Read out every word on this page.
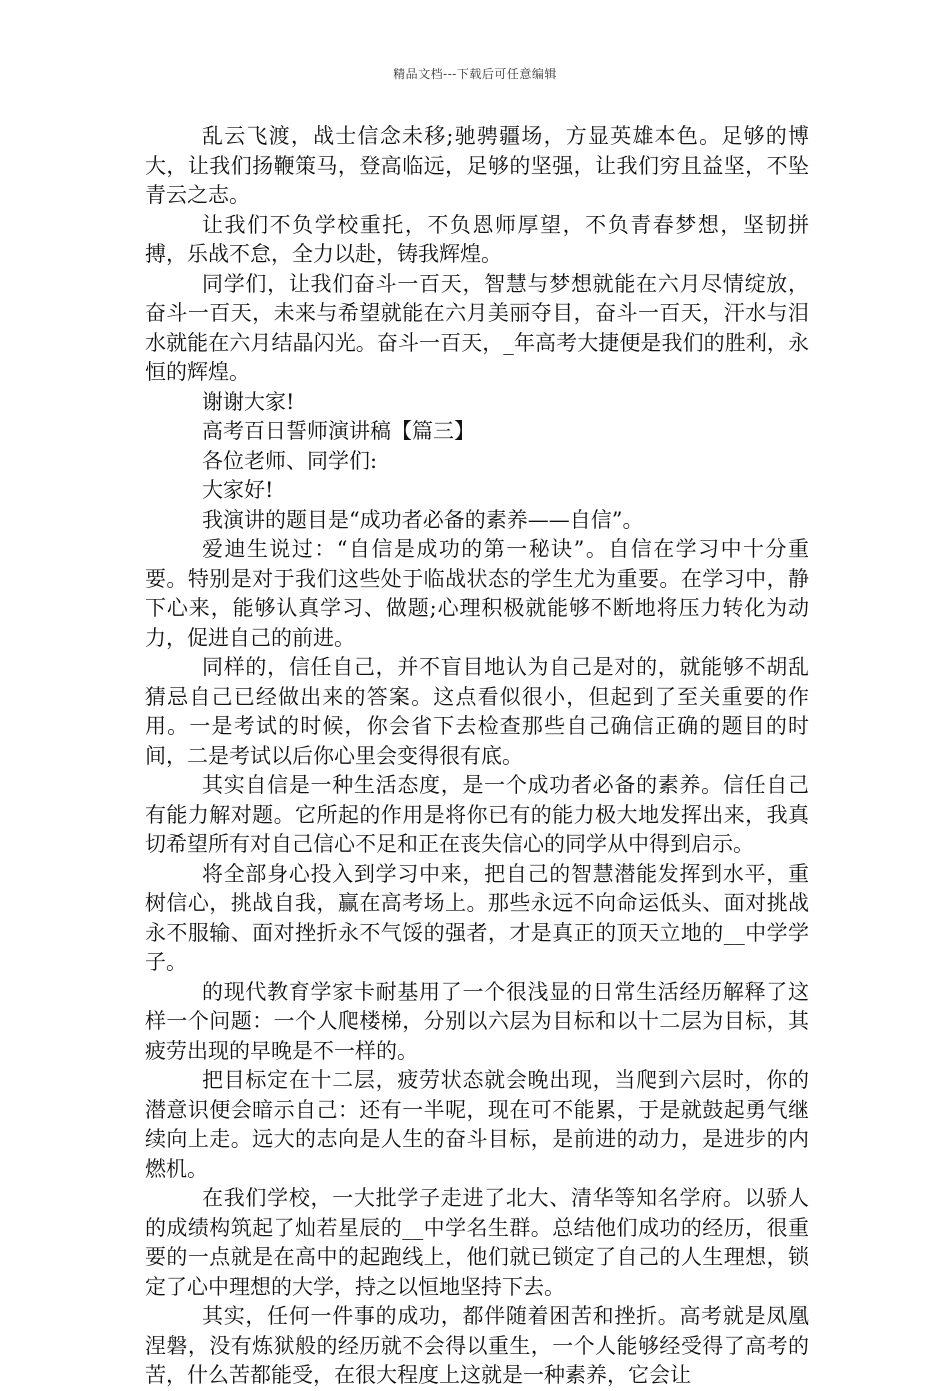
精品文档---下载后可任意编辑

乱云飞渡，战士信念未移;驰骋疆场，方显英雄本色。足够的博大，让我们扬鞭策马，登高临远，足够的坚强，让我们穷且益坚，不坠青云之志。

让我们不负学校重托，不负恩师厚望，不负青春梦想，坚韧拼搏，乐战不怠，全力以赴，铸我辉煌。

同学们，让我们奋斗一百天，智慧与梦想就能在六月尽情绽放，奋斗一百天，未来与希望就能在六月美丽夺目，奋斗一百天，汗水与泪水就能在六月结晶闪光。奋斗一百天，_年高考大捷便是我们的胜利，永恒的辉煌。

谢谢大家!

高考百日誓师演讲稿【篇三】

各位老师、同学们:

大家好!

我演讲的题目是“成功者必备的素养——自信”。

爱迪生说过：“自信是成功的第一秘诀”。自信在学习中十分重要。特别是对于我们这些处于临战状态的学生尤为重要。在学习中，静下心来，能够认真学习、做题;心理积极就能够不断地将压力转化为动力，促进自己的前进。

同样的，信任自己，并不盲目地认为自己是对的，就能够不胡乱猜忌自己已经做出来的答案。这点看似很小，但起到了至关重要的作用。一是考试的时候，你会省下去检查那些自己确信正确的题目的时间，二是考试以后你心里会变得很有底。

其实自信是一种生活态度，是一个成功者必备的素养。信任自己有能力解对题。它所起的作用是将你已有的能力极大地发挥出来，我真切希望所有对自己信心不足和正在丧失信心的同学从中得到启示。

将全部身心投入到学习中来，把自己的智慧潜能发挥到水平，重树信心，挑战自我，赢在高考场上。那些永远不向命运低头、面对挑战永不服输、面对挫折永不气馁的强者，才是真正的顶天立地的__中学学子。

的现代教育学家卡耐基用了一个很浅显的日常生活经历解释了这样一个问题：一个人爬楼梯，分别以六层为目标和以十二层为目标，其疲劳出现的早晚是不一样的。

把目标定在十二层，疲劳状态就会晚出现，当爬到六层时，你的潜意识便会暗示自己：还有一半呢，现在可不能累，于是就鼓起勇气继续向上走。远大的志向是人生的奋斗目标，是前进的动力，是进步的内燃机。

在我们学校，一大批学子走进了北大、清华等知名学府。以骄人的成绩构筑起了灿若星辰的__中学名生群。总结他们成功的经历，很重要的一点就是在高中的起跑线上，他们就已锁定了自己的人生理想，锁定了心中理想的大学，持之以恒地坚持下去。

其实，任何一件事的成功，都伴随着困苦和挫折。高考就是凤凰涅磐，没有炼狱般的经历就不会得以重生，一个人能够经受得了高考的苦，什么苦都能受，在很大程度上这就是一种素养，它会让
